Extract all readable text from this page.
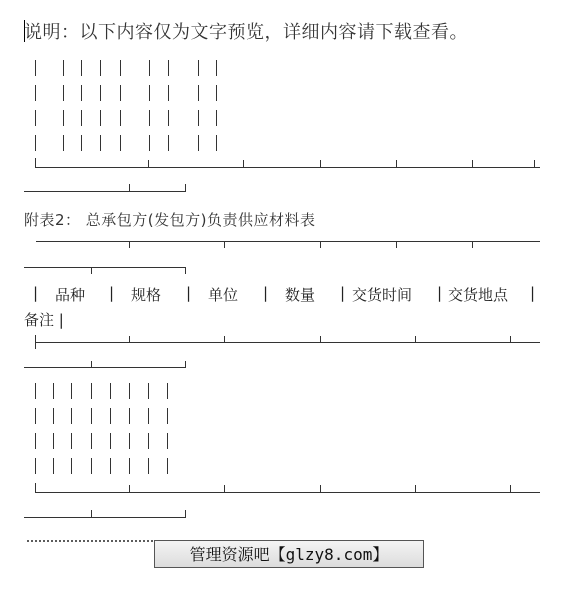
说明：以下内容仅为文字预览，详细内容请下载查看。
附表2： 总承包方(发包方)负责供应材料表
| 品种 | 规格 | 单位 | 数量 | 交货时间 | 交货地点 |
备注 |
管理资源吧【glzy8.com】
